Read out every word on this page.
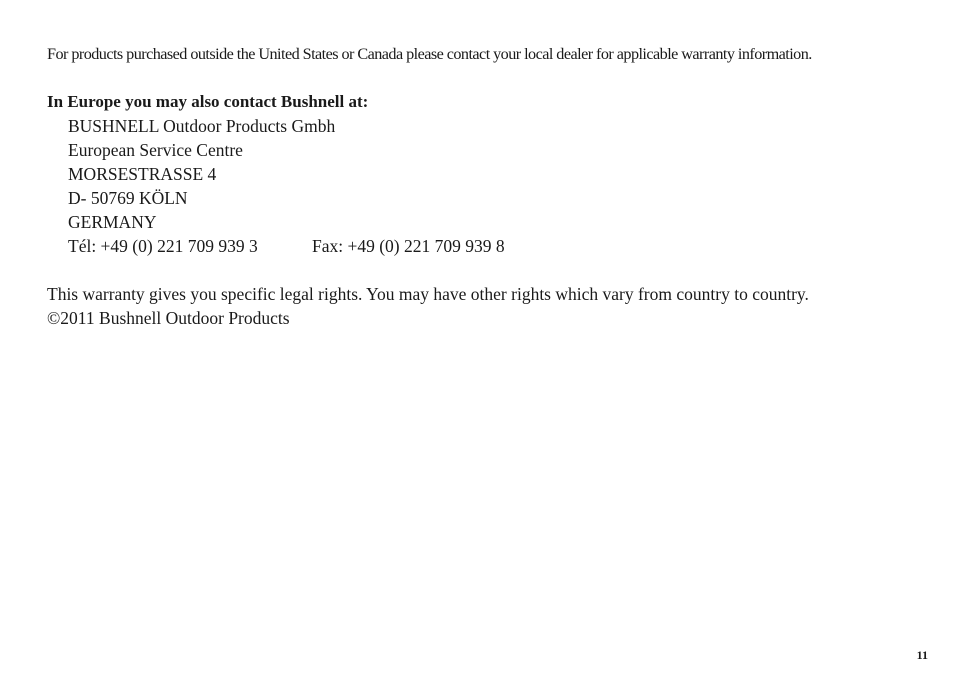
For products purchased outside the United States or Canada please contact your local dealer for applicable warranty information.

In Europe you may also contact Bushnell at:

BUSHNELL Outdoor Products Gmbh
European Service Centre
MORSESTRASSE 4
D- 50769 KÖLN
GERMANY
Tél: +49 (0) 221 709 939 3	Fax: +49 (0) 221 709 939 8

This warranty gives you specific legal rights. You may have other rights which vary from country to country.
©2011 Bushnell Outdoor Products

11
